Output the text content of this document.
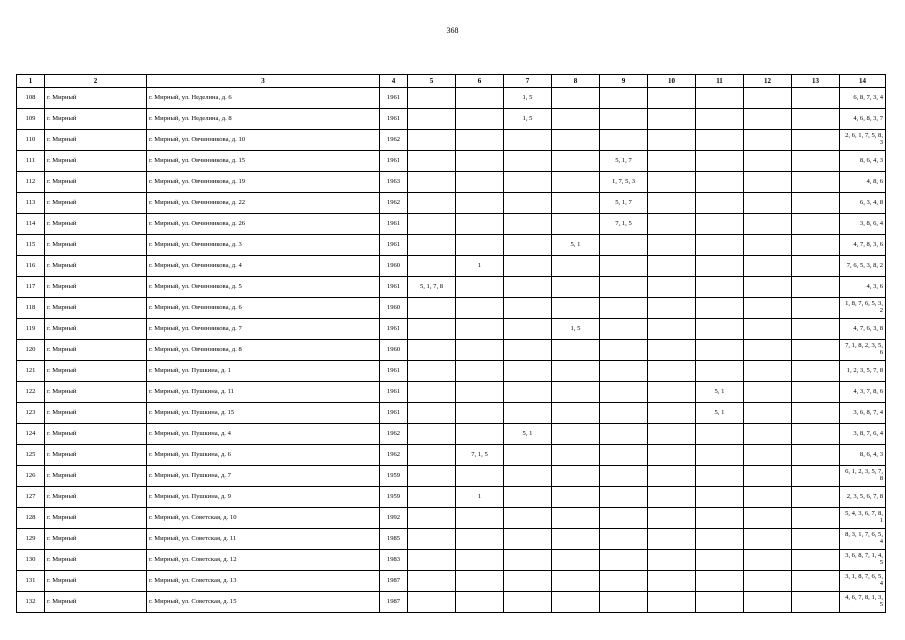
368
1	2	3	4	5	6	7	8	9	10	11	12	13	14
108	г. Мирный	г. Мирный, ул. Неделина, д. 6	1961			1, 5							6, 8, 7, 3, 4
109	г. Мирный	г. Мирный, ул. Неделина, д. 8	1961			1, 5							4, 6, 8, 3, 7
110	г. Мирный	г. Мирный, ул. Овчинникова, д. 10	1962										2, 6, 1, 7, 5, 8, 3
111	г. Мирный	г. Мирный, ул. Овчинникова, д. 15	1961					5, 1, 7					8, 6, 4, 3
112	г. Мирный	г. Мирный, ул. Овчинникова, д. 19	1963					1, 7, 5, 3					4, 8, 6
113	г. Мирный	г. Мирный, ул. Овчинникова, д. 22	1962					5, 1, 7					6, 3, 4, 8
114	г. Мирный	г. Мирный, ул. Овчинникова, д. 26	1961					7, 1, 5					3, 8, 6, 4
115	г. Мирный	г. Мирный, ул. Овчинникова, д. 3	1961				5, 1						4, 7, 8, 3, 6
116	г. Мирный	г. Мирный, ул. Овчинникова, д. 4	1960		1								7, 6, 5, 3, 8, 2
117	г. Мирный	г. Мирный, ул. Овчинникова, д. 5	1961	5, 1, 7, 8									4, 3, 6
118	г. Мирный	г. Мирный, ул. Овчинникова, д. 6	1960										1, 8, 7, 6, 5, 3, 2
119	г. Мирный	г. Мирный, ул. Овчинникова, д. 7	1961				1, 5						4, 7, 6, 3, 8
120	г. Мирный	г. Мирный, ул. Овчинникова, д. 8	1960										7, 1, 8, 2, 3, 5, 6
121	г. Мирный	г. Мирный, ул. Пушкина, д. 1	1961										1, 2, 3, 5, 7, 8
122	г. Мирный	г. Мирный, ул. Пушкина, д. 11	1961							5, 1			4, 3, 7, 8, 6
123	г. Мирный	г. Мирный, ул. Пушкина, д. 15	1961							5, 1			3, 6, 8, 7, 4
124	г. Мирный	г. Мирный, ул. Пушкина, д. 4	1962			5, 1							3, 8, 7, 6, 4
125	г. Мирный	г. Мирный, ул. Пушкина, д. 6	1962		7, 1, 5								8, 6, 4, 3
126	г. Мирный	г. Мирный, ул. Пушкина, д. 7	1959										6, 1, 2, 3, 5, 7, 8
127	г. Мирный	г. Мирный, ул. Пушкина, д. 9	1959		1								2, 3, 5, 6, 7, 8
128	г. Мирный	г. Мирный, ул. Советская, д. 10	1992										5, 4, 3, 6, 7, 8, 1
129	г. Мирный	г. Мирный, ул. Советская, д. 11	1985										8, 3, 1, 7, 6, 5, 4
130	г. Мирный	г. Мирный, ул. Советская, д. 12	1983										3, 6, 8, 7, 1, 4, 5
131	г. Мирный	г. Мирный, ул. Советская, д. 13	1987										3, 1, 8, 7, 6, 5, 4
132	г. Мирный	г. Мирный, ул. Советская, д. 15	1987										4, 6, 7, 8, 1, 3, 5
